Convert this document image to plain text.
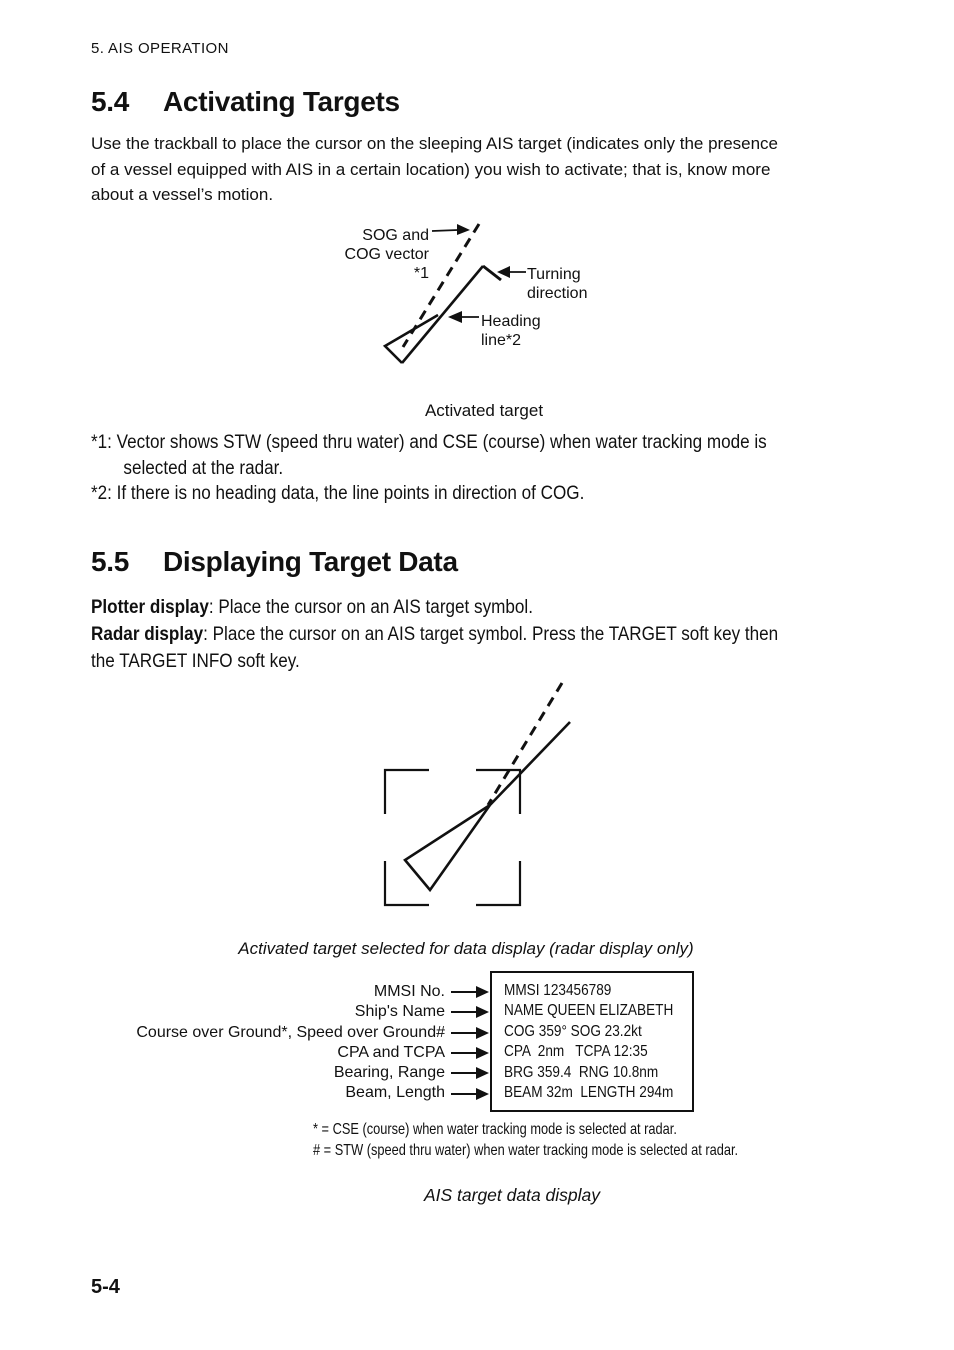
5. AIS OPERATION
5.4	Activating Targets
Use the trackball to place the cursor on the sleeping AIS target (indicates only the presence
of a vessel equipped with AIS in a certain location) you wish to activate; that is, know more
about a vessel’s motion.
SOG and
COG vector
*1	Turning
direction
Heading
line*2
Activated target
*1: Vector shows STW (speed thru water) and CSE (course) when water tracking mode is
selected at the radar.
*2: If there is no heading data, the line points in direction of COG.
5.5	Displaying Target Data
Plotter display: Place the cursor on an AIS target symbol.
Radar display: Place the cursor on an AIS target symbol. Press the TARGET soft key then
the TARGET INFO soft key.
Activated target selected for data display (radar display only)
MMSI No.
Ship's Name
Course over Ground*, Speed over Ground#
CPA and TCPA
Bearing, Range
Beam, Length
MMSI 123456789
NAME QUEEN ELIZABETH
COG 359° SOG 23.2kt
CPA  2nm   TCPA 12:35
BRG 359.4  RNG 10.8nm
BEAM 32m  LENGTH 294m
* = CSE (course) when water tracking mode is selected at radar.
# = STW (speed thru water) when water tracking mode is selected at radar.
AIS target data display
5-4
